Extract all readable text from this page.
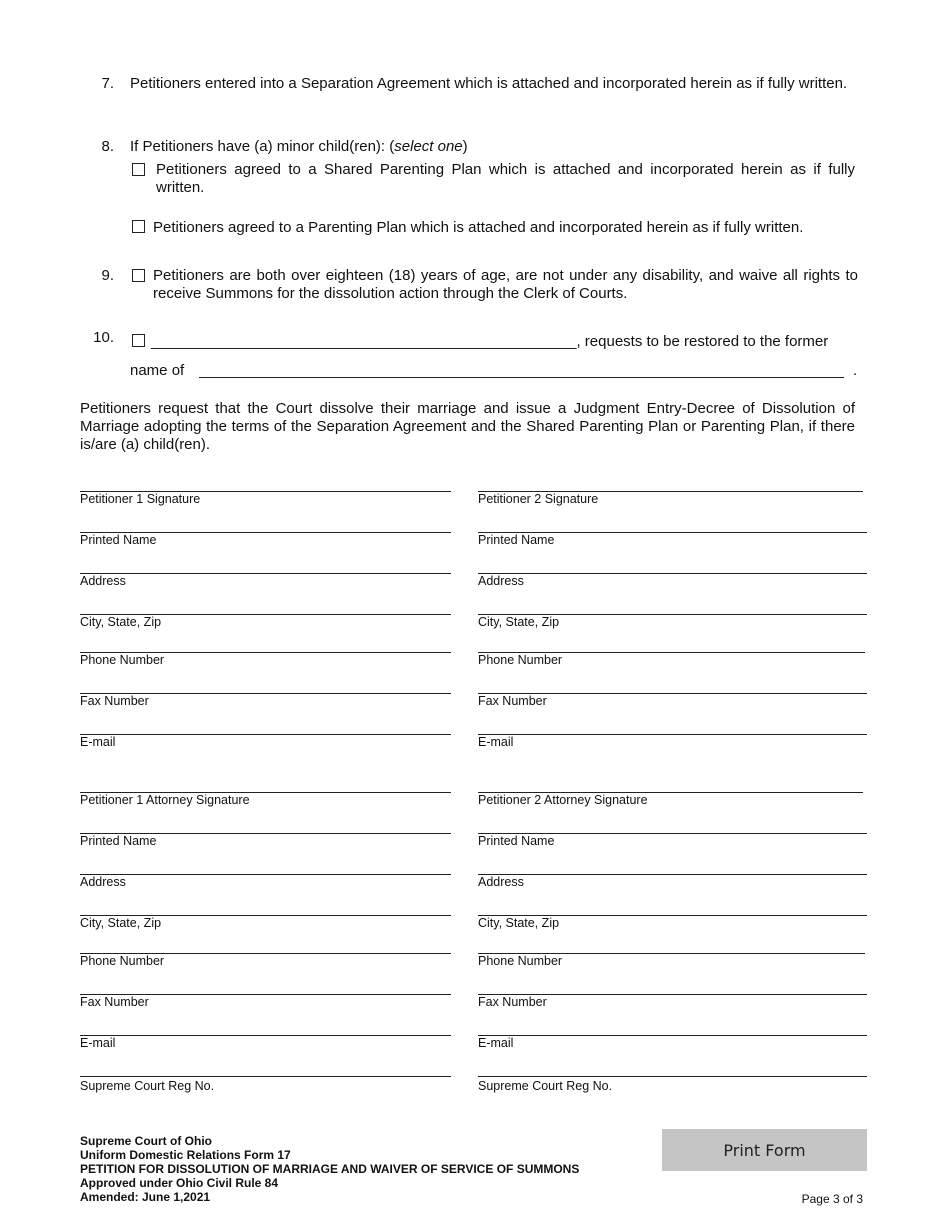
7. Petitioners entered into a Separation Agreement which is attached and incorporated herein as if fully written.
8. If Petitioners have (a) minor child(ren): (select one)
Petitioners agreed to a Shared Parenting Plan which is attached and incorporated herein as if fully written.
Petitioners agreed to a Parenting Plan which is attached and incorporated herein as if fully written.
9.	Petitioners are both over eighteen (18) years of age, are not under any disability, and waive all rights to receive Summons for the dissolution action through the Clerk of Courts.
10. ___________________________________________________, requests to be restored to the former
name of	.
Petitioners request that the Court dissolve their marriage and issue a Judgment Entry-Decree of Dissolution of Marriage adopting the terms of the Separation Agreement and the Shared Parenting Plan or Parenting Plan, if there is/are (a) child(ren).
Petitioner 1 Signature
Printed Name
Address
City, State, Zip
Phone Number
Fax Number
E-mail
Petitioner 2 Signature
Printed Name
Address
City, State, Zip
Phone Number
Fax Number
E-mail
Petitioner 1 Attorney Signature
Printed Name
Address
City, State, Zip
Phone Number
Fax Number
E-mail
Supreme Court Reg No.
Petitioner 2 Attorney Signature
Printed Name
Address
City, State, Zip
Phone Number
Fax Number
E-mail
Supreme Court Reg No.
Supreme Court of Ohio
Uniform Domestic Relations Form 17
PETITION FOR DISSOLUTION OF MARRIAGE AND WAIVER OF SERVICE OF SUMMONS
Approved under Ohio Civil Rule 84
Amended: June 1,2021
Print Form
Page 3 of 3
